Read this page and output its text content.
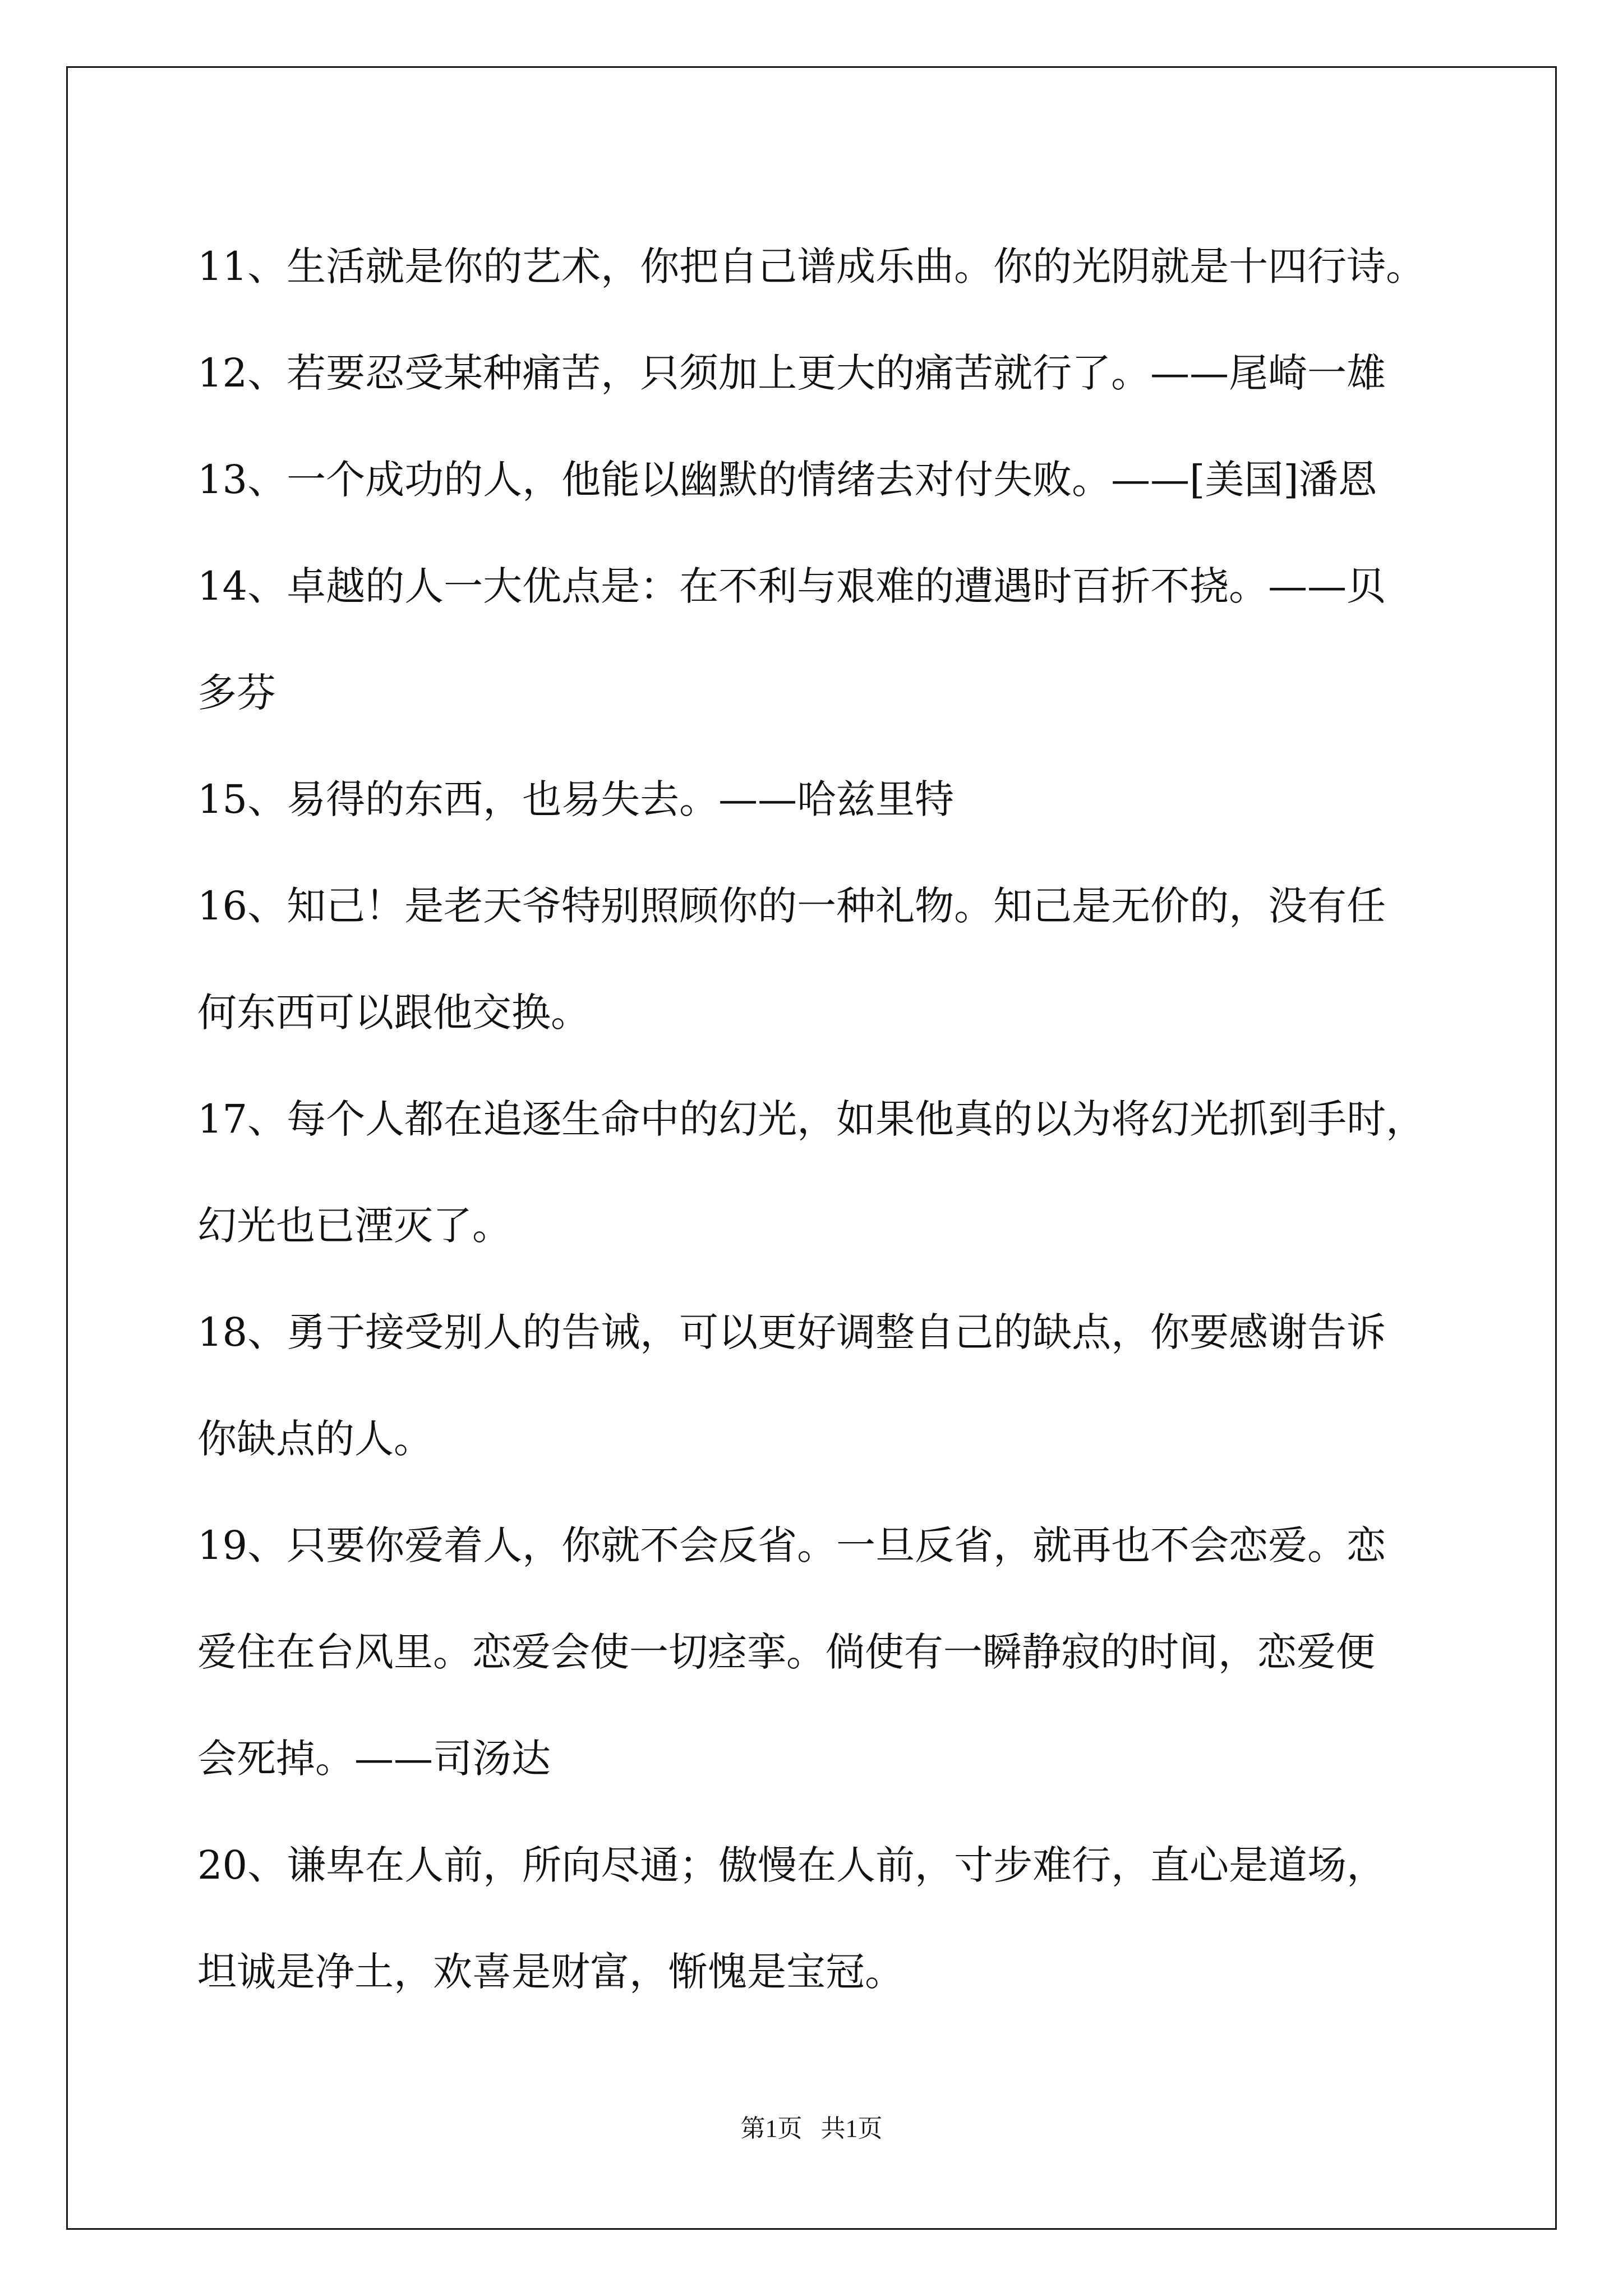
11、生活就是你的艺术，你把自己谱成乐曲。你的光阴就是十四行诗。
12、若要忍受某种痛苦，只须加上更大的痛苦就行了。——尾崎一雄
13、一个成功的人，他能以幽默的情绪去对付失败。——[美国]潘恩
14、卓越的人一大优点是：在不利与艰难的遭遇时百折不挠。——贝
多芬
15、易得的东西，也易失去。——哈兹里特
16、知己！是老天爷特别照顾你的一种礼物。知己是无价的，没有任
何东西可以跟他交换。
17、每个人都在追逐生命中的幻光，如果他真的以为将幻光抓到手时，
幻光也已湮灭了。
18、勇于接受别人的告诫，可以更好调整自己的缺点，你要感谢告诉
你缺点的人。
19、只要你爱着人，你就不会反省。一旦反省，就再也不会恋爱。恋
爱住在台风里。恋爱会使一切痉挛。倘使有一瞬静寂的时间，恋爱便
会死掉。——司汤达
20、谦卑在人前，所向尽通；傲慢在人前，寸步难行，直心是道场，
坦诚是净土，欢喜是财富，惭愧是宝冠。
第1页   共1页
